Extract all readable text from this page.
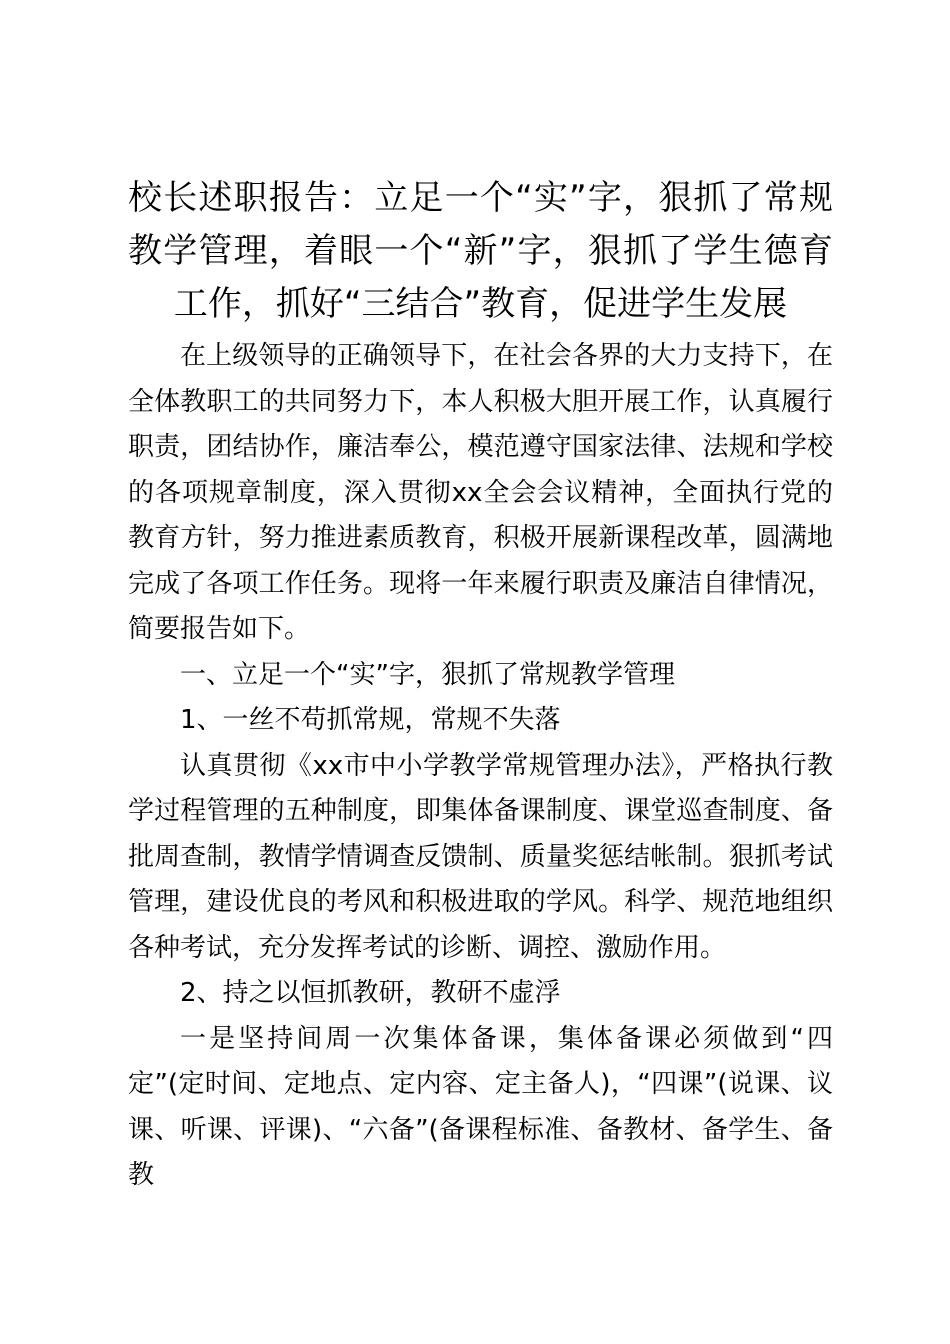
校长述职报告：立足一个“实”字，狠抓了常规教学管理，着眼一个“新”字，狠抓了学生德育工作，抓好“三结合”教育，促进学生发展

在上级领导的正确领导下，在社会各界的大力支持下，在全体教职工的共同努力下，本人积极大胆开展工作，认真履行职责，团结协作，廉洁奉公，模范遵守国家法律、法规和学校的各项规章制度，深入贯彻xx全会会议精神，全面执行党的教育方针，努力推进素质教育，积极开展新课程改革，圆满地完成了各项工作任务。现将一年来履行职责及廉洁自律情况，简要报告如下。

一、立足一个“实”字，狠抓了常规教学管理

1、一丝不苟抓常规，常规不失落

认真贯彻《xx市中小学教学常规管理办法》，严格执行教学过程管理的五种制度，即集体备课制度、课堂巡查制度、备批周查制，教情学情调查反馈制、质量奖惩结帐制。狠抓考试管理，建设优良的考风和积极进取的学风。科学、规范地组织各种考试，充分发挥考试的诊断、调控、激励作用。

2、持之以恒抓教研，教研不虚浮

一是坚持间周一次集体备课，集体备课必须做到“四定”(定时间、定地点、定内容、定主备人)，“四课”(说课、议课、听课、评课)、“六备”(备课程标准、备教材、备学生、备教
